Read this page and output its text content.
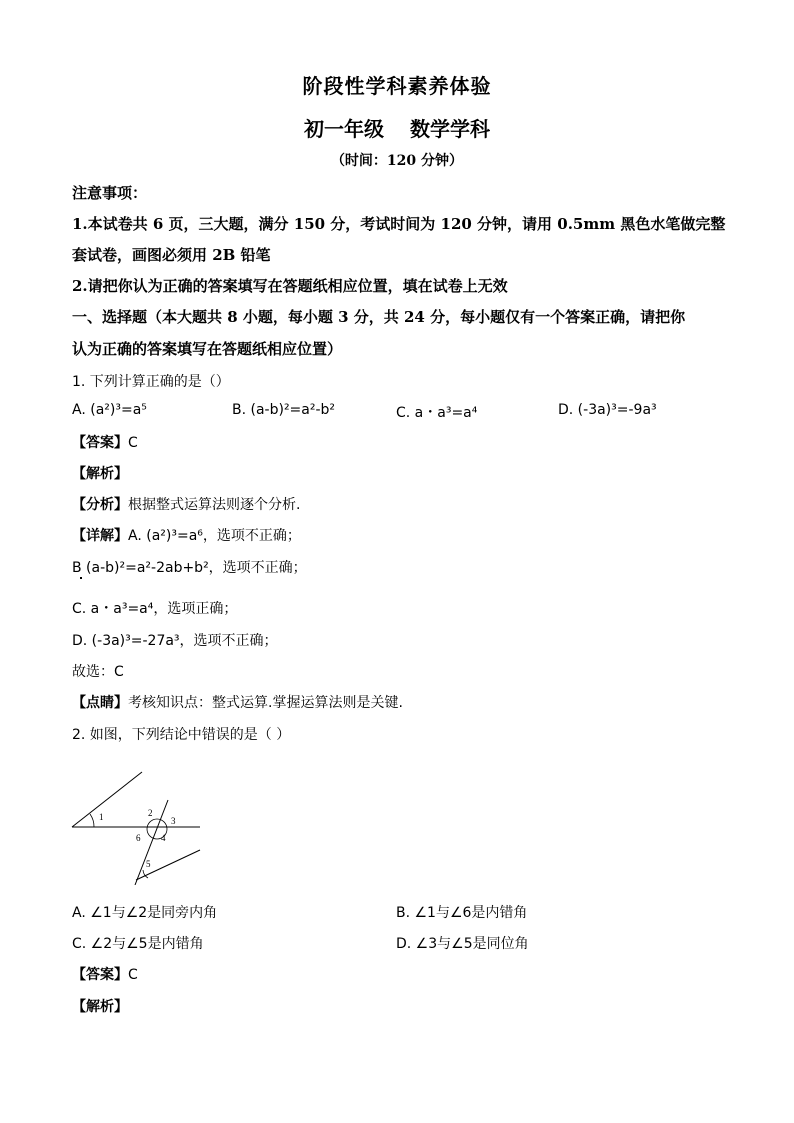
阶段性学科素养体验
初一年级 数学学科
（时间：120 分钟）
注意事项：
1.本试卷共 6 页，三大题，满分 150 分，考试时间为 120 分钟，请用 0.5mm 黑色水笔做完整
套试卷，画图必须用 2B 铅笔
2.请把你认为正确的答案填写在答题纸相应位置，填在试卷上无效
一、选择题（本大题共 8 小题，每小题 3 分，共 24 分，每小题仅有一个答案正确，请把你
认为正确的答案填写在答题纸相应位置）
1. 下列计算正确的是（）
A. (a²)³=a⁵	B. (a-b)²=a²-b²	C. a・a³=a⁴	D. (-3a)³=-9a³
【答案】C
【解析】
【分析】根据整式运算法则逐个分析.
【详解】A. (a²)³=a⁶，选项不正确；
B (a-b)²=a²-2ab+b²，选项不正确；
C. a・a³=a⁴，选项正确；
D. (-3a)³=-27a³，选项不正确；
故选：C
【点睛】考核知识点：整式运算.掌握运算法则是关键.
2. 如图，下列结论中错误的是（ ）
1	2
3
4
5
6
A. ∠1与∠2是同旁内角	B. ∠1与∠6是内错角
C. ∠2与∠5是内错角	D. ∠3与∠5是同位角
【答案】C
【解析】
